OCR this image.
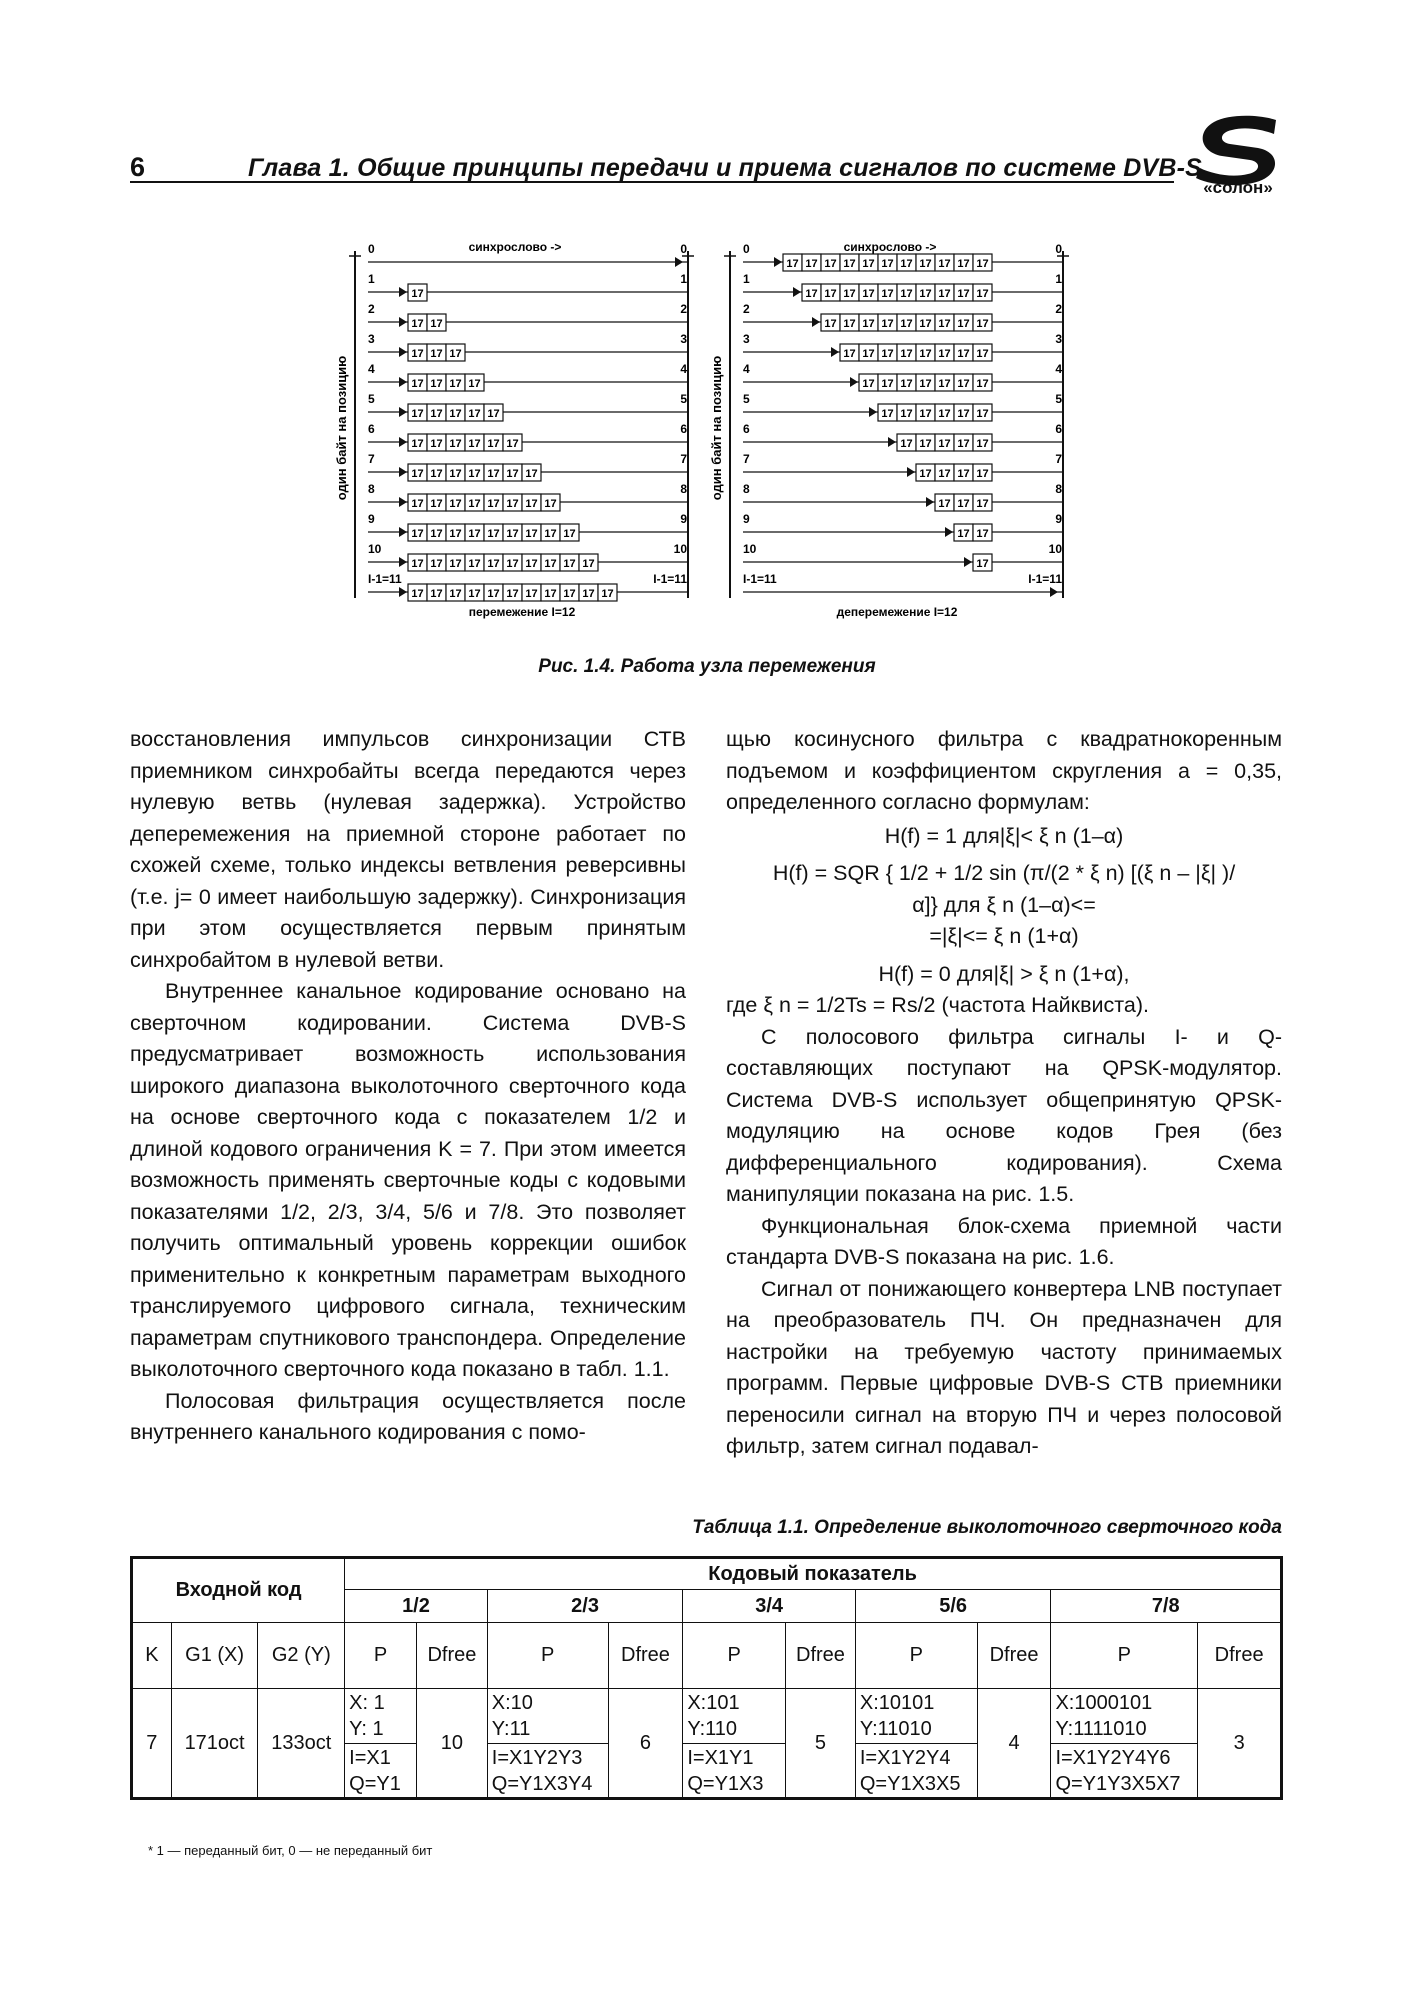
6	Глава 1. Общие принципы передачи и приема сигналов по системе DVB-S
«солон»
синхрослово ->
перемежение I=12
один байт на позицию
0	0
1	1
17
2	2
17 17
3	3
17 17 17
4	4
17 17 17 17
5	5
17 17 17 17 17
6	6
17 17 17 17 17 17
7	7
17 17 17 17 17 17 17
8	8
17 17 17 17 17 17 17 17
9	9
17 17 17 17 17 17 17 17 17
10	10
17 17 17 17 17 17 17 17 17 17
I-1=11	I-1=11
17 17 17 17 17 17 17 17 17 17 17
синхрослово ->
деперемежение I=12
один байт на позицию
0	0
17 17 17 17 17 17 17 17 17 17 17
1	1
17 17 17 17 17 17 17 17 17 17
2	2
17 17 17 17 17 17 17 17 17
3	3
17 17 17 17 17 17 17 17
4	4
17 17 17 17 17 17 17
5	5
17 17 17 17 17 17
6	6
17 17 17 17 17
7	7
17 17 17 17
8	8
17 17 17
9	9
17 17
10	10
17
I-1=11	I-1=11
Рис. 1.4. Работа узла перемежения

восстановления импульсов синхронизации СТВ приемником синхробайты всегда передаются через нулевую ветвь (нулевая задержка). Устройство деперемежения на приемной стороне работает по схожей схеме, только индексы ветвления реверсивны (т.е. j= 0 имеет наибольшую задержку). Синхронизация при этом осуществляется первым принятым синхробайтом в нулевой ветви.

Внутреннее канальное кодирование основано на сверточном кодировании. Система DVB-S предусматривает возможность использования широкого диапазона выколоточного сверточного кода на основе сверточного кода с показателем 1/2 и длиной кодового ограничения K = 7. При этом имеется возможность применять сверточные коды с кодовыми показателями 1/2, 2/3, 3/4, 5/6 и 7/8. Это позволяет получить оптимальный уровень коррекции ошибок применительно к конкретным параметрам выходного транслируемого цифрового сигнала, техническим параметрам спутникового транспондера. Определение выколоточного сверточного кода показано в табл. 1.1.

Полосовая фильтрация осуществляется после внутреннего канального кодирования с помо-

щью косинусного фильтра с квадратнокоренным подъемом и коэффициентом скругления a = 0,35, определенного согласно формулам:

H(f) = 1 для|ξ|< ξ n (1–α)

H(f) = SQR { 1/2 + 1/2 sin (π/(2 * ξ n) [(ξ n – |ξ| )/

α]} для ξ n (1–α)<=

=|ξ|<= ξ n (1+α)

H(f) = 0 для|ξ| > ξ n (1+α),

где ξ n = 1/2Ts = Rs/2 (частота Найквиста).

С полосового фильтра сигналы I- и Q-составляющих поступают на QPSK-модулятор. Система DVB-S использует общепринятую QPSK-модуляцию на основе кодов Грея (без дифференциального кодирования). Схема манипуляции показана на рис. 1.5.

Функциональная блок-схема приемной части стандарта DVB-S показана на рис. 1.6.

Сигнал от понижающего конвертера LNB поступает на преобразователь ПЧ. Он предназначен для настройки на требуемую частоту принимаемых программ. Первые цифровые DVB-S СТВ приемники переносили сигнал на вторую ПЧ и через полосовой фильтр, затем сигнал подавал-

Таблица 1.1. Определение выколоточного сверточного кода
Входной код			Кодовый показатель									
			1/2		2/3		3/4		5/6		7/8	
K	G1 (X)	G2 (Y)	P	Dfree	P	Dfree	P	Dfree	P	Dfree	P	Dfree
7	171oct	133oct	X: 1
Y: 1	10	X:10
Y:11	6	X:101
Y:110	5	X:10101
Y:11010	4	X:1000101
Y:1111010	3
			I=X1
Q=Y1		I=X1Y2Y3
Q=Y1X3Y4		I=X1Y1
Q=Y1X3		I=X1Y2Y4
Q=Y1X3X5		I=X1Y2Y4Y6
Q=Y1Y3X5X7	
* 1 — переданный бит, 0 — не переданный бит
